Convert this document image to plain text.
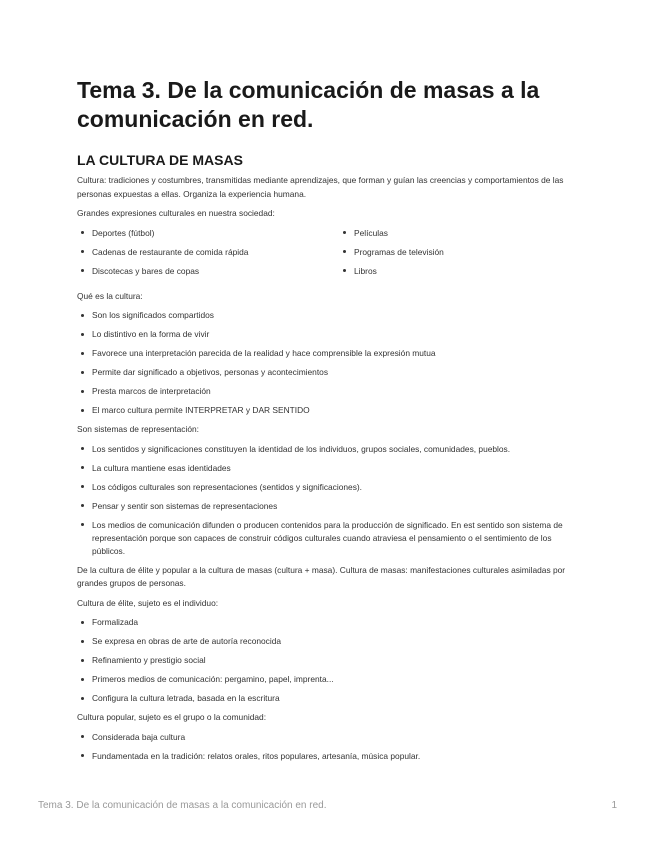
Tema 3. De la comunicación de masas a la comunicación en red.
LA CULTURA DE MASAS

Cultura: tradiciones y costumbres, transmitidas mediante aprendizajes, que forman y guían las creencias y comportamientos de las personas expuestas a ellas. Organiza la experiencia humana.

Grandes expresiones culturales en nuestra sociedad:

Deportes (fútbol)
Cadenas de restaurante de comida rápida
Discotecas y bares de copas
Películas
Programas de televisión
Libros

Qué es la cultura:

Son los significados compartidos
Lo distintivo en la forma de vivir
Favorece una interpretación parecida de la realidad y hace comprensible la expresión mutua
Permite dar significado a objetivos, personas y acontecimientos
Presta marcos de interpretación
El marco cultura permite INTERPRETAR y DAR SENTIDO

Son sistemas de representación:

Los sentidos y significaciones constituyen la identidad de los individuos, grupos sociales, comunidades, pueblos.
La cultura mantiene esas identidades
Los códigos culturales son representaciones (sentidos y significaciones).
Pensar y sentir son sistemas de representaciones
Los medios de comunicación difunden o producen contenidos para la producción de significado. En est sentido son sistema de representación porque son capaces de construir códigos culturales cuando atraviesa el pensamiento o el sentimiento de los públicos.

De la cultura de élite y popular a la cultura de masas (cultura + masa). Cultura de masas: manifestaciones culturales asimiladas por grandes grupos de personas.

Cultura de élite, sujeto es el individuo:

Formalizada
Se expresa en obras de arte de autoría reconocida
Refinamiento y prestigio social
Primeros medios de comunicación: pergamino, papel, imprenta...
Configura la cultura letrada, basada en la escritura

Cultura popular, sujeto es el grupo o la comunidad:

Considerada baja cultura
Fundamentada en la tradición: relatos orales, ritos populares, artesanía, música popular.
Tema 3. De la comunicación de masas a la comunicación en red.	1
